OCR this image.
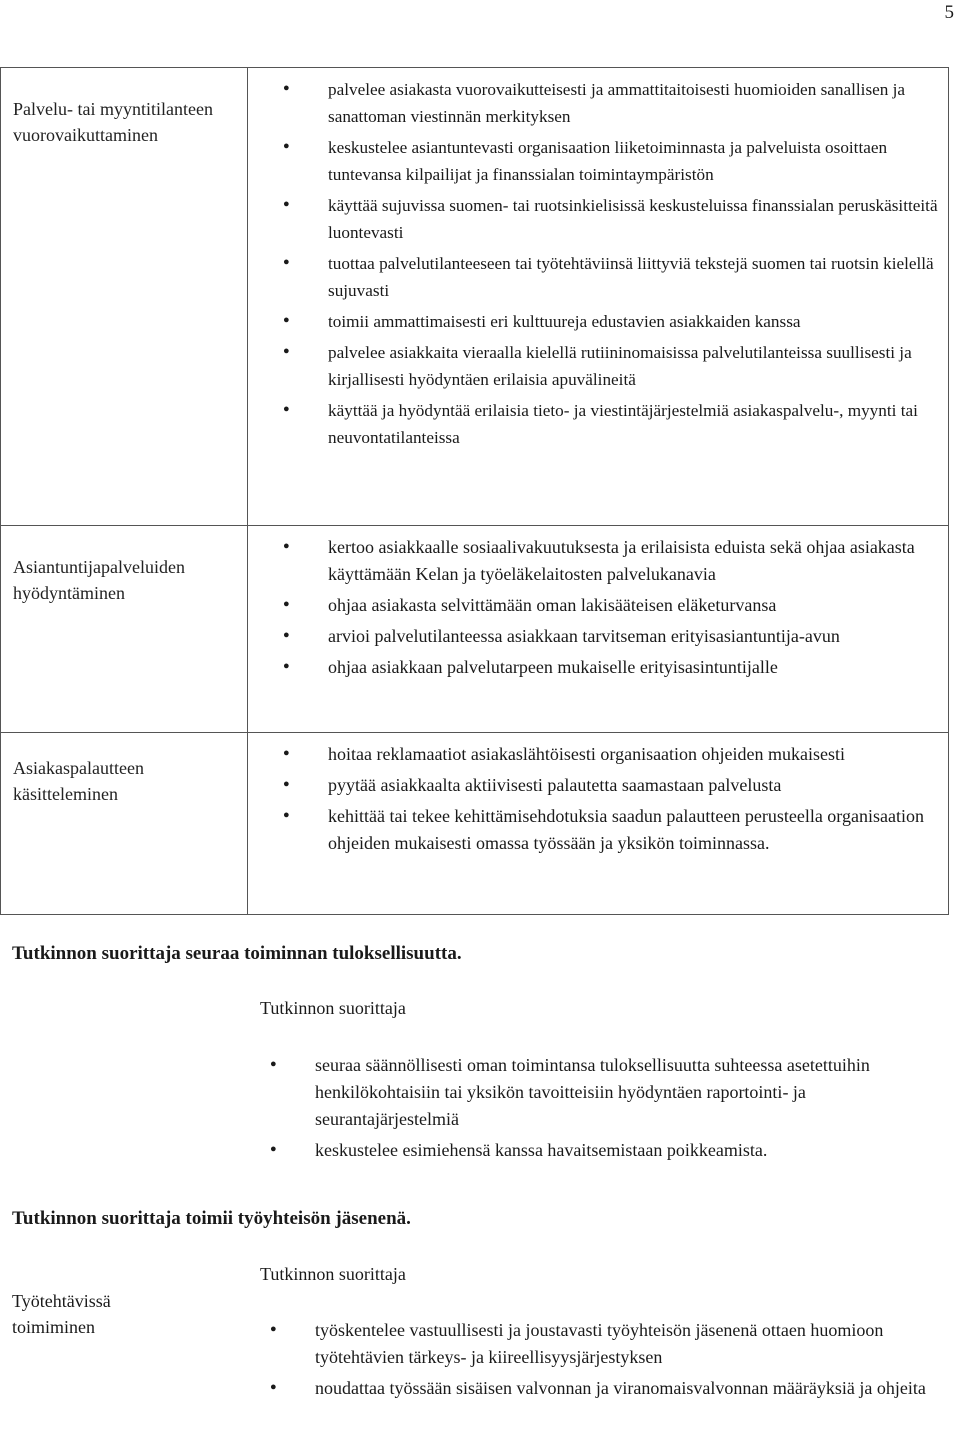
5
Palvelu- tai myyntitilanteen vuorovaikuttaminen
● palvelee asiakasta vuorovaikutteisesti ja ammattitaitoisesti huomioiden sanallisen ja sanattoman viestinnän merkityksen
● keskustelee asiantuntevasti organisaation liiketoiminnasta ja palveluista osoittaen tuntevansa kilpailijat ja finanssialan toimintaympäristön
● käyttää sujuvissa suomen- tai ruotsinkielisissä keskusteluissa finanssialan peruskäsitteitä luontevasti
● tuottaa palvelutilanteeseen tai työtehtäviinsä liittyviä tekstejä suomen tai ruotsin kielellä sujuvasti
● toimii ammattimaisesti eri kulttuureja edustavien asiakkaiden kanssa
● palvelee asiakkaita vieraalla kielellä rutiininomaisissa palvelutilanteissa suullisesti ja kirjallisesti hyödyntäen erilaisia apuvälineitä
● käyttää ja hyödyntää erilaisia tieto- ja viestintäjärjestelmiä asiakaspalvelu-, myynti tai neuvontatilanteissa
Asiantuntijapalveluiden hyödyntäminen
● kertoo asiakkaalle sosiaalivakuutuksesta ja erilaisista eduista sekä ohjaa asiakasta käyttämään Kelan ja työeläkelaitosten palvelukanavia
● ohjaa asiakasta selvittämään oman lakisääteisen eläketurvansa
● arvioi palvelutilanteessa asiakkaan tarvitseman erityisasiantuntija-avun
● ohjaa asiakkaan palvelutarpeen mukaiselle erityisasintuntijalle
Asiakaspalautteen käsitteleminen
● hoitaa reklamaatiot asiakaslähtöisesti organisaation ohjeiden mukaisesti
● pyytää asiakkaalta aktiivisesti palautetta saamastaan palvelusta
● kehittää tai tekee kehittämisehdotuksia saadun palautteen perusteella organisaation ohjeiden mukaisesti omassa työssään ja yksikön toiminnassa.
Tutkinnon suorittaja seuraa toiminnan tuloksellisuutta.
Tutkinnon suorittaja
● seuraa säännöllisesti oman toimintansa tuloksellisuutta suhteessa asetettuihin henkilökohtaisiin tai yksikön tavoitteisiin hyödyntäen raportointi- ja seurantajärjestelmiä
● keskustelee esimiehensä kanssa havaitsemistaan poikkeamista.
Tutkinnon suorittaja toimii työyhteisön jäsenenä.
Tutkinnon suorittaja
Työtehtävissä toimiminen
●	työskentelee vastuullisesti ja joustavasti työyhteisön jäsenenä ottaen huomioon työtehtävien tärkeys- ja kiireellisyysjärjestyksen
● noudattaa työssään sisäisen valvonnan ja viranomaisvalvonnan määräyksiä ja ohjeita
